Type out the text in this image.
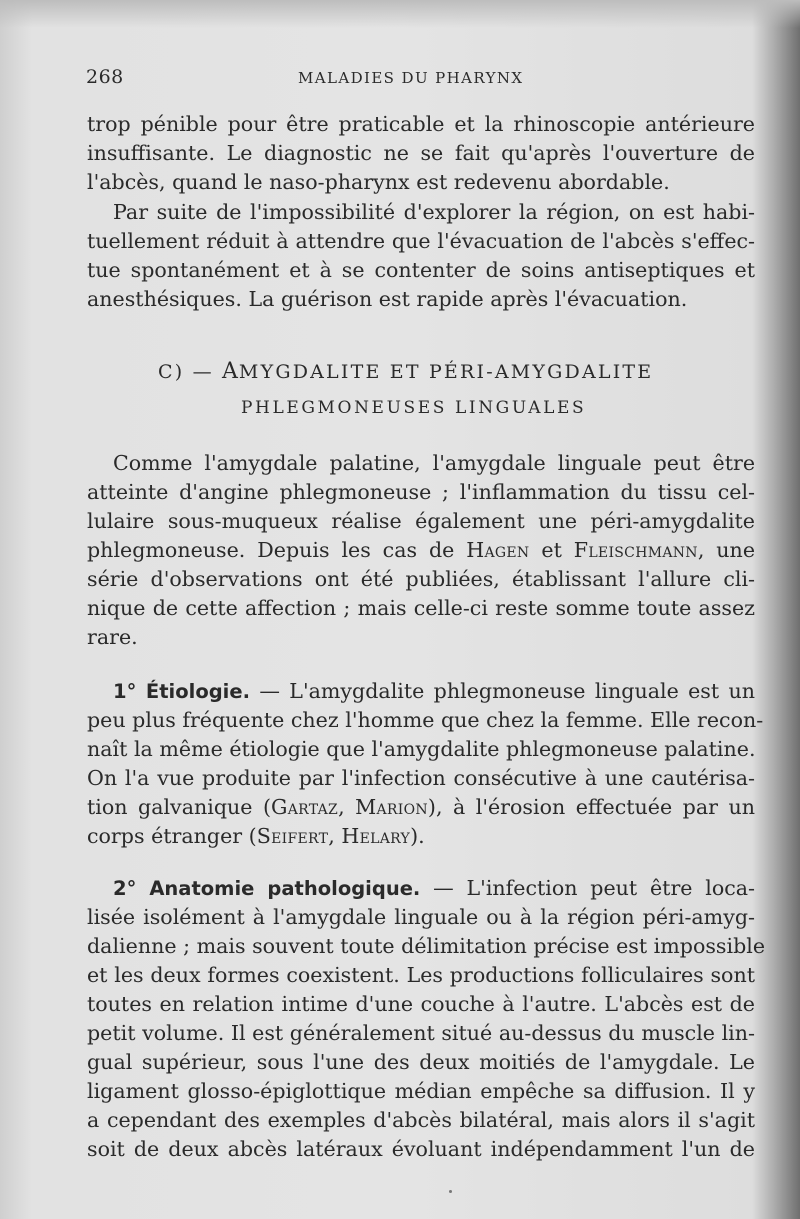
268	MALADIES DU PHARYNX
trop pénible pour être praticable et la rhinoscopie antérieure
insuffisante. Le diagnostic ne se fait qu'après l'ouverture de
l'abcès, quand le naso-pharynx est redevenu abordable.
Par suite de l'impossibilité d'explorer la région, on est habi-
tuellement réduit à attendre que l'évacuation de l'abcès s'effec-
tue spontanément et à se contenter de soins antiseptiques et
anesthésiques. La guérison est rapide après l'évacuation.
C) — AMYGDALITE ET PÉRI-AMYGDALITE
PHLEGMONEUSES LINGUALES
Comme l'amygdale palatine, l'amygdale linguale peut être
atteinte d'angine phlegmoneuse ; l'inflammation du tissu cel-
lulaire sous-muqueux réalise également une péri-amygdalite
phlegmoneuse. Depuis les cas de Hagen et Fleischmann, une
série d'observations ont été publiées, établissant l'allure cli-
nique de cette affection ; mais celle-ci reste somme toute assez
rare.
1° Étiologie. — L'amygdalite phlegmoneuse linguale est un
peu plus fréquente chez l'homme que chez la femme. Elle recon-
naît la même étiologie que l'amygdalite phlegmoneuse palatine.
On l'a vue produite par l'infection consécutive à une cautérisa-
tion galvanique (Gartaz, Marion), à l'érosion effectuée par un
corps étranger (Seifert, Helary).
2° Anatomie pathologique. — L'infection peut être loca-
lisée isolément à l'amygdale linguale ou à la région péri-amyg-
dalienne ; mais souvent toute délimitation précise est impossible
et les deux formes coexistent. Les productions folliculaires sont
toutes en relation intime d'une couche à l'autre. L'abcès est de
petit volume. Il est généralement situé au-dessus du muscle lin-
gual supérieur, sous l'une des deux moitiés de l'amygdale. Le
ligament glosso-épiglottique médian empêche sa diffusion. Il y
a cependant des exemples d'abcès bilatéral, mais alors il s'agit
soit de deux abcès latéraux évoluant indépendamment l'un de
